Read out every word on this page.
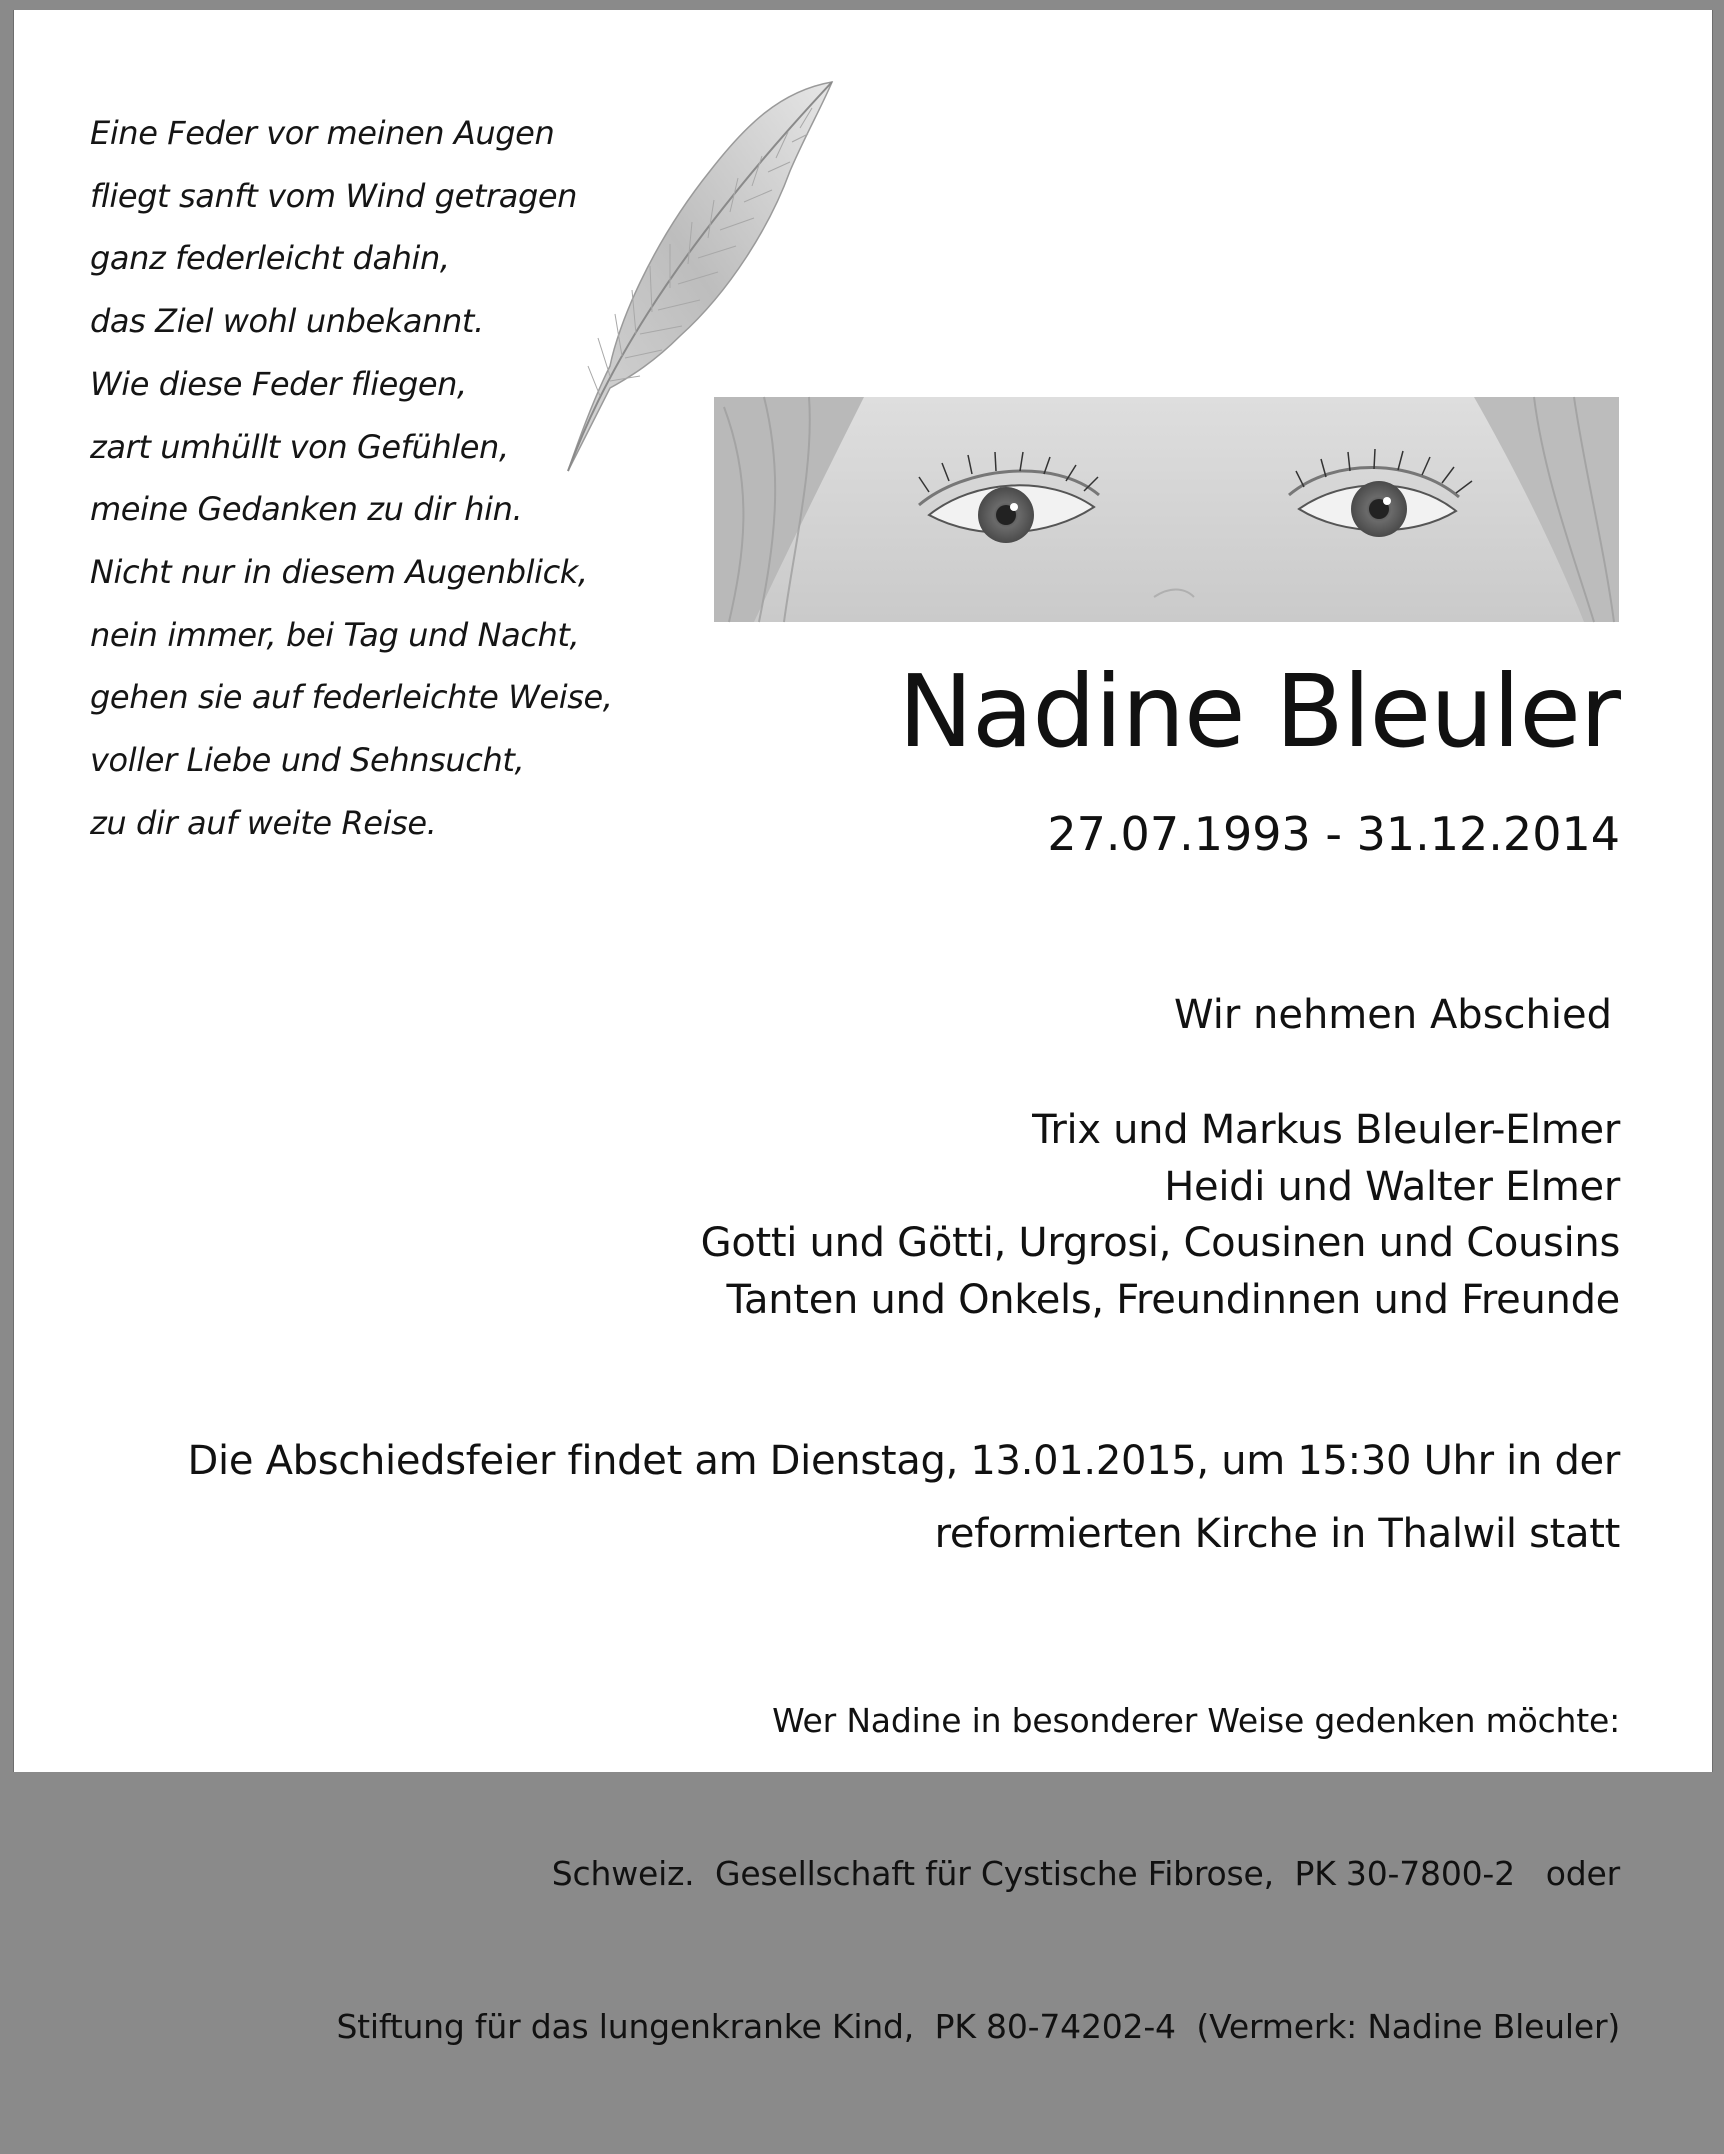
Eine Feder vor meinen Augen
fliegt sanft vom Wind getragen
ganz federleicht dahin,
das Ziel wohl unbekannt.
Wie diese Feder fliegen,
zart umhüllt von Gefühlen,
meine Gedanken zu dir hin.
Nicht nur in diesem Augenblick,
nein immer, bei Tag und Nacht,
gehen sie auf federleichte Weise,
voller Liebe und Sehnsucht,
zu dir auf weite Reise.
Nadine Bleuler
27.07.1993 - 31.12.2014
Wir nehmen Abschied
Trix und Markus Bleuler-Elmer
Heidi und Walter Elmer
Gotti und Götti, Urgrosi, Cousinen und Cousins
Tanten und Onkels, Freundinnen und Freunde
Die Abschiedsfeier findet am Dienstag, 13.01.2015, um 15:30 Uhr in der
reformierten Kirche in Thalwil statt

Wer Nadine in besonderer Weise gedenken möchte:

Schweiz.  Gesellschaft für Cystische Fibrose,  PK 30-7800-2   oder

Stiftung für das lungenkranke Kind,  PK 80-74202-4  (Vermerk: Nadine Bleuler)
